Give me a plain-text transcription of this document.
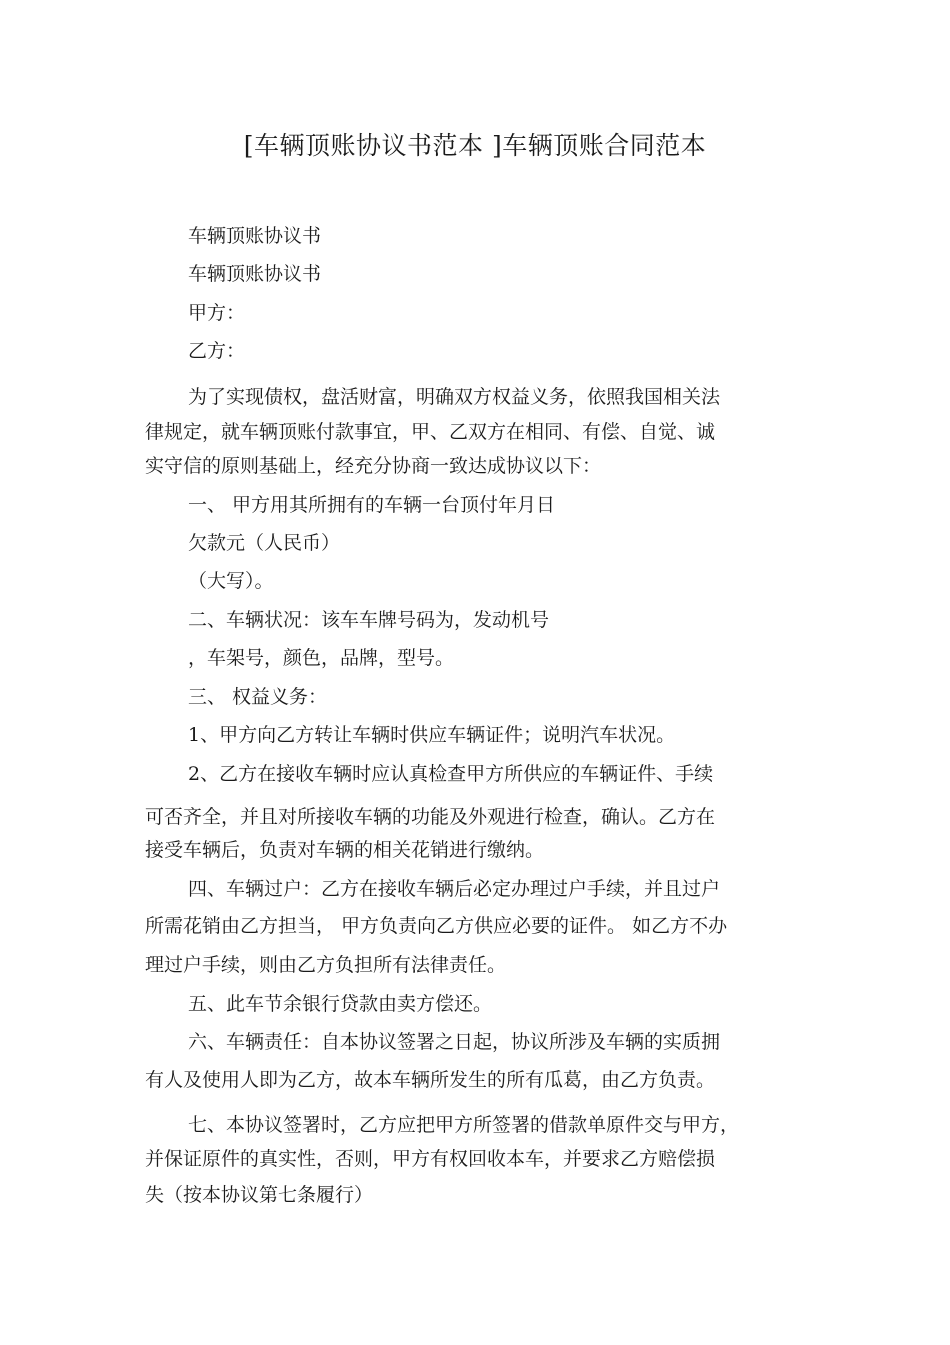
[车辆顶账协议书范本 ]车辆顶账合同范本
车辆顶账协议书
车辆顶账协议书
甲方：
乙方：
为了实现债权，盘活财富，明确双方权益义务，依照我国相关法
律规定，就车辆顶账付款事宜，甲、乙双方在相同、有偿、自觉、诚
实守信的原则基础上，经充分协商一致达成协议以下：
一、 甲方用其所拥有的车辆一台顶付年月日
欠款元（人民币）
（大写）。
二、车辆状况：该车车牌号码为，发动机号
，车架号，颜色，品牌，型号。
三、 权益义务：
1、甲方向乙方转让车辆时供应车辆证件；说明汽车状况。
2、乙方在接收车辆时应认真检查甲方所供应的车辆证件、手续
可否齐全，并且对所接收车辆的功能及外观进行检查，确认。乙方在
接受车辆后，负责对车辆的相关花销进行缴纳。
四、车辆过户：乙方在接收车辆后必定办理过户手续，并且过户
所需花销由乙方担当， 甲方负责向乙方供应必要的证件。 如乙方不办
理过户手续，则由乙方负担所有法律责任。
五、此车节余银行贷款由卖方偿还。
六、车辆责任：自本协议签署之日起，协议所涉及车辆的实质拥
有人及使用人即为乙方，故本车辆所发生的所有瓜葛，由乙方负责。
七、本协议签署时，乙方应把甲方所签署的借款单原件交与甲方，
并保证原件的真实性，否则，甲方有权回收本车，并要求乙方赔偿损
失（按本协议第七条履行）
